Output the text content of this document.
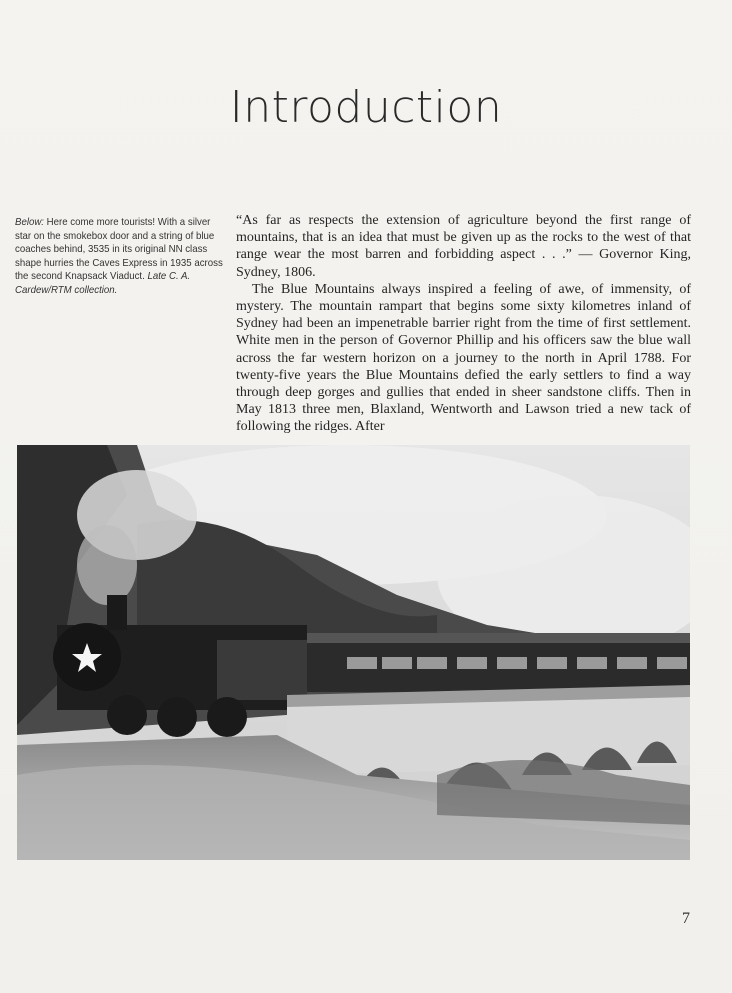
Introduction
Below: Here come more tourists! With a silver star on the smokebox door and a string of blue coaches behind, 3535 in its original NN class shape hurries the Caves Express in 1935 across the second Knapsack Viaduct. Late C. A. Cardew/RTM collection.

“As far as respects the extension of agriculture beyond the first range of mountains, that is an idea that must be given up as the rocks to the west of that range wear the most barren and forbidding aspect . . .” — Governor King, Sydney, 1806.

The Blue Mountains always inspired a feeling of awe, of immensity, of mystery. The mountain rampart that begins some sixty kilometres inland of Sydney had been an impenetrable barrier right from the time of first settlement. White men in the person of Governor Phillip and his officers saw the blue wall across the far western horizon on a journey to the north in April 1788. For twenty-five years the Blue Mountains defied the early settlers to find a way through deep gorges and gullies that ended in sheer sandstone cliffs. Then in May 1813 three men, Blaxland, Wentworth and Lawson tried a new tack of following the ridges. After

7
